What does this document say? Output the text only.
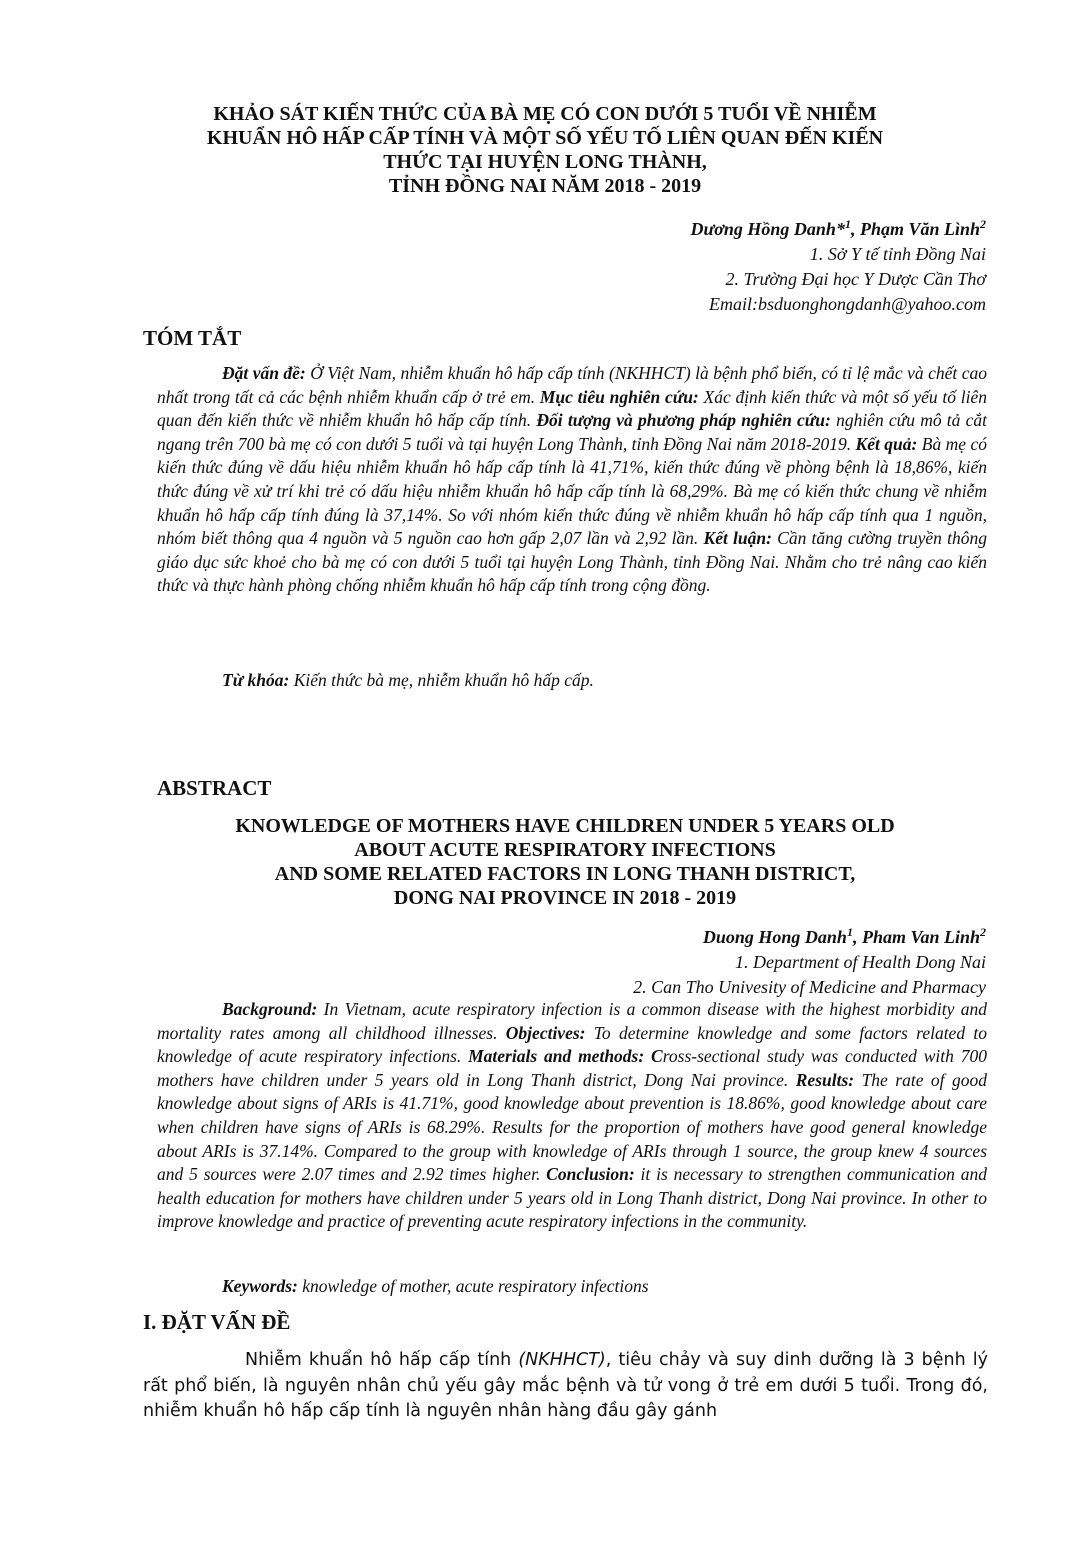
KHẢO SÁT KIẾN THỨC CỦA BÀ MẸ CÓ CON DƯỚI 5 TUỔI VỀ NHIỄM
KHUẨN HÔ HẤP CẤP TÍNH VÀ MỘT SỐ YẾU TỐ LIÊN QUAN ĐẾN KIẾN
THỨC TẠI HUYỆN LONG THÀNH,
TỈNH ĐỒNG NAI NĂM 2018 - 2019
Dương Hồng Danh*$^1$, Phạm Văn Lình$^2$
1. Sở Y tế tỉnh Đồng Nai
2. Trường Đại học Y Dược Cần Thơ
Email:bsduonghongdanh@yahoo.com
TÓM TẮT
Đặt vấn đề: Ở Việt Nam, nhiễm khuẩn hô hấp cấp tính (NKHHCT) là bệnh phổ biến, có tỉ lệ mắc và chết cao nhất trong tất cả các bệnh nhiễm khuẩn cấp ở trẻ em. Mục tiêu nghiên cứu: Xác định kiến thức và một số yếu tố liên quan đến kiến thức về nhiễm khuẩn hô hấp cấp tính. Đối tượng và phương pháp nghiên cứu: nghiên cứu mô tả cắt ngang trên 700 bà mẹ có con dưới 5 tuổi và tại huyện Long Thành, tỉnh Đồng Nai năm 2018-2019. Kết quả: Bà mẹ có kiến thức đúng về dấu hiệu nhiễm khuẩn hô hấp cấp tính là 41,71%, kiến thức đúng về phòng bệnh là 18,86%, kiến thức đúng về xử trí khi trẻ có dấu hiệu nhiễm khuẩn hô hấp cấp tính là 68,29%. Bà mẹ có kiến thức chung về nhiễm khuẩn hô hấp cấp tính đúng là 37,14%. So với nhóm kiến thức đúng về nhiễm khuẩn hô hấp cấp tính qua 1 nguồn, nhóm biết thông qua 4 nguồn và 5 nguồn cao hơn gấp 2,07 lần và 2,92 lần. Kết luận: Cần tăng cường truyền thông giáo dục sức khoẻ cho bà mẹ có con dưới 5 tuổi tại huyện Long Thành, tỉnh Đồng Nai. Nhằm cho trẻ nâng cao kiến thức và thực hành phòng chống nhiễm khuẩn hô hấp cấp tính trong cộng đồng.
Từ khóa: Kiến thức bà mẹ, nhiễm khuẩn hô hấp cấp.
ABSTRACT
KNOWLEDGE OF MOTHERS HAVE CHILDREN UNDER 5 YEARS OLD
ABOUT ACUTE RESPIRATORY INFECTIONS
AND SOME RELATED FACTORS IN LONG THANH DISTRICT,
DONG NAI PROVINCE IN 2018 - 2019
Duong Hong Danh$^1$, Pham Van Linh$^2$
1. Department of Health Dong Nai
2. Can Tho Univesity of Medicine and Pharmacy
Background: In Vietnam, acute respiratory infection is a common disease with the highest morbidity and mortality rates among all childhood illnesses. Objectives: To determine knowledge and some factors related to knowledge of acute respiratory infections. Materials and methods: Cross-sectional study was conducted with 700 mothers have children under 5 years old in Long Thanh district, Dong Nai province. Results: The rate of good knowledge about signs of ARIs is 41.71%, good knowledge about prevention is 18.86%, good knowledge about care when children have signs of ARIs is 68.29%. Results for the proportion of mothers have good general knowledge about ARIs is 37.14%. Compared to the group with knowledge of ARIs through 1 source, the group knew 4 sources and 5 sources were 2.07 times and 2.92 times higher. Conclusion: it is necessary to strengthen communication and health education for mothers have children under 5 years old in Long Thanh district, Dong Nai province. In other to improve knowledge and practice of preventing acute respiratory infections in the community.
Keywords: knowledge of mother, acute respiratory infections
I. ĐẶT VẤN ĐỀ
Nhiễm khuẩn hô hấp cấp tính (NKHHCT), tiêu chảy và suy dinh dưỡng là 3 bệnh lý rất phổ biến, là nguyên nhân chủ yếu gây mắc bệnh và tử vong ở trẻ em dưới 5 tuổi. Trong đó, nhiễm khuẩn hô hấp cấp tính là nguyên nhân hàng đầu gây gánh
